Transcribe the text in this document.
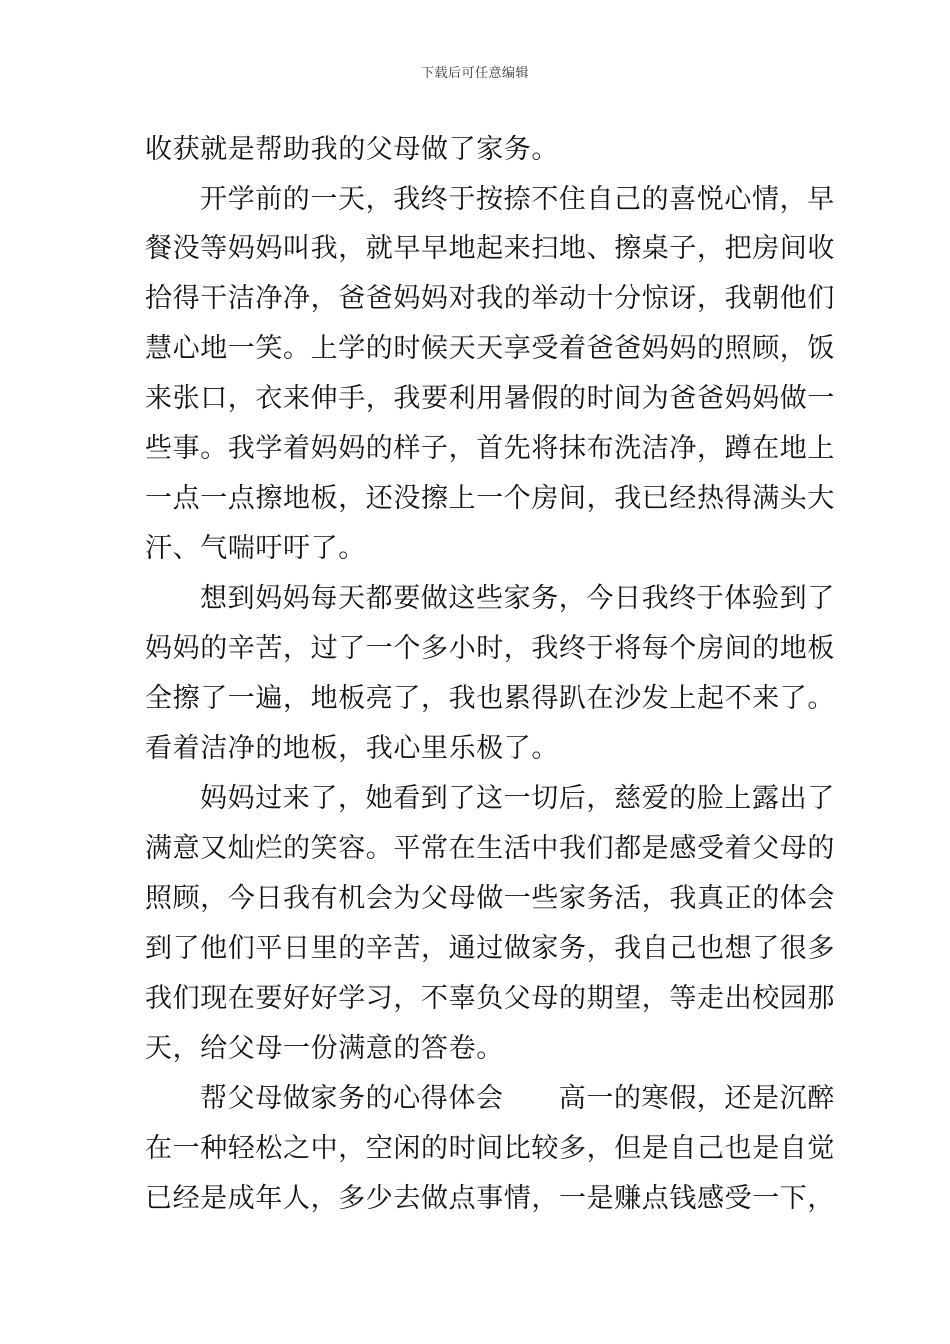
下载后可任意编辑
收获就是帮助我的父母做了家务。
开学前的一天，我终于按捺不住自己的喜悦心情，早
餐没等妈妈叫我，就早早地起来扫地、擦桌子，把房间收
拾得干洁净净，爸爸妈妈对我的举动十分惊讶，我朝他们
慧心地一笑。上学的时候天天享受着爸爸妈妈的照顾，饭
来张口，衣来伸手，我要利用暑假的时间为爸爸妈妈做一
些事。我学着妈妈的样子，首先将抹布洗洁净，蹲在地上
一点一点擦地板，还没擦上一个房间，我已经热得满头大
汗、气喘吁吁了。
想到妈妈每天都要做这些家务，今日我终于体验到了
妈妈的辛苦，过了一个多小时，我终于将每个房间的地板
全擦了一遍，地板亮了，我也累得趴在沙发上起不来了。
看着洁净的地板，我心里乐极了。
妈妈过来了，她看到了这一切后，慈爱的脸上露出了
满意又灿烂的笑容。平常在生活中我们都是感受着父母的
照顾，今日我有机会为父母做一些家务活，我真正的体会
到了他们平日里的辛苦，通过做家务，我自己也想了很多
我们现在要好好学习，不辜负父母的期望，等走出校园那
天，给父母一份满意的答卷。
帮父母做家务的心得体会　　高一的寒假，还是沉醉
在一种轻松之中，空闲的时间比较多，但是自己也是自觉
已经是成年人，多少去做点事情，一是赚点钱感受一下，
